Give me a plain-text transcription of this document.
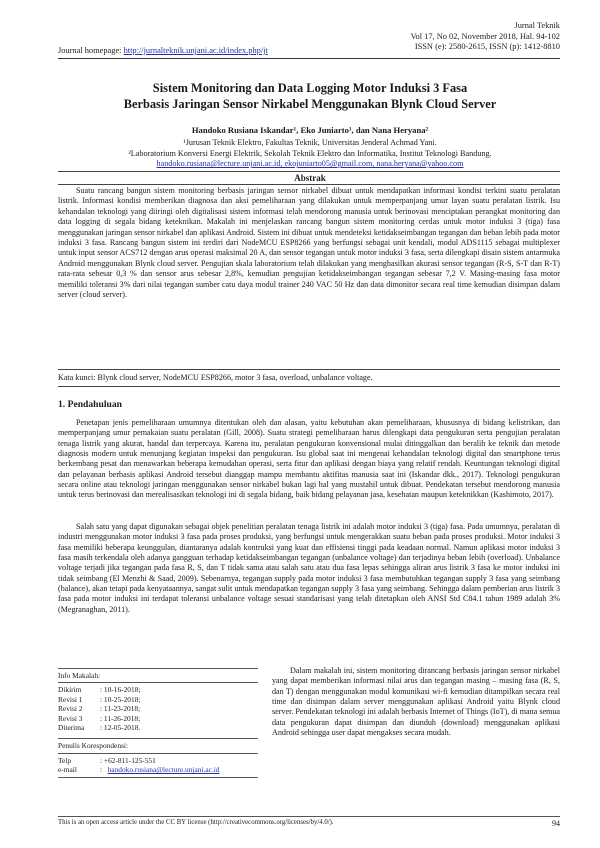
Journal homepage: http://jurnalteknik.unjani.ac.id/index.php/jt
Jurnal Teknik
Vol 17, No 02, November 2018, Hal. 94-102
ISSN (e): 2580-2615, ISSN (p): 1412-8810
Sistem Monitoring dan Data Logging Motor Induksi 3 Fasa
Berbasis Jaringan Sensor Nirkabel Menggunakan Blynk Cloud Server
Handoko Rusiana Iskandar¹, Eko Juniarto¹, dan Nana Heryana²
¹Jurusan Teknik Elektro, Fakultas Teknik, Universitas Jenderal Achmad Yani.
²Laboratorium Konversi Energi Elektrik, Sekolah Teknik Elektro dan Informatika, Institut Teknologi Bandung.
handoko.rusiana@lecture.unjani.ac.id, ekojuniarto05@gmail.com, nana.heryana@yahoo.com
Abstrak
Suatu rancang bangun sistem monitoring berbasis jaringan sensor nirkabel dibuat untuk mendapatkan informasi kondisi terkini suatu peralatan listrik. Informasi kondisi memberikan diagnosa dan aksi pemeliharaan yang dilakukan untuk memperpanjang umur layan suatu peralatan listrik. Isu kehandalan teknologi yang diiringi oleh digitalisasi sistem informasi telah mendorong manusia untuk berinovasi menciptakan perangkat monitoring dan data logging di segala bidang keteknikan. Makalah ini menjelaskan rancang bangun sistem monitoring cerdas untuk motor induksi 3 (tiga) fasa menggunakan jaringan sensor nirkabel dan aplikasi Android. Sistem ini dibuat untuk mendeteksi ketidakseimbangan tegangan dan beban lebih pada motor induksi 3 fasa. Rancang bangun sistem ini terdiri dari NodeMCU ESP8266 yang berfungsi sebagai unit kendali, modul ADS1115 sebagai multiplexer untuk input sensor ACS712 dengan arus operasi maksimal 20 A, dan sensor tegangan untuk motor induksi 3 fasa, serta dilengkapi disain sistem antarmuka Android menggunakan Blynk cloud server. Pengujian skala laboratorium telah dilakukan yang menghasilkan akurasi sensor tegangan (R-S, S-T dan R-T) rata-rata sebesar 0,3 % dan sensor arus sebesar 2,8%, kemudian pengujian ketidakseimbangan tegangan sebesar 7,2 V. Masing-masing fasa motor memiliki toleransi 3% dari nilai tegangan sumber catu daya modul trainer 240 VAC 50 Hz dan data dimonitor secara real time kemudian disimpan dalam server (cloud server).
Kata kunci: Blynk cloud server, NodeMCU ESP8266, motor 3 fasa, overload, unbalance voltage.
1. Pendahuluan

Penetapan jenis pemeliharaan umumnya ditentukan oleh dan alasan, yaitu kebutuhan akan pemeliharaan, khususnya di bidang kelistrikan, dan memperpanjang umur pemakaian suatu peralatan (Gill, 2008). Suatu strategi pemeliharaan harus dilengkapi data pengukuran serta pengujian peralatan tenaga listrik yang akurat, handal dan terpercaya. Karena itu, peralatan pengukuran konvensional mulai ditinggalkan dan beralih ke teknik dan metode diagnosis modern untuk menunjang kegiatan inspeksi dan pengukuran. Isu global saat ini mengenai kehandalan teknologi digital dan smartphone terus berkembang pesat dan menawarkan beberapa kemudahan operasi, serta fitur dan aplikasi dengan biaya yang relatif rendah. Keuntungan teknologi digital dan pelayanan berbasis aplikasi Android tersebut dianggap mampu membantu aktifitas manusia saat ini (Iskandar dkk., 2017). Teknologi pengukuran secara online atau teknologi jaringan menggunakan sensor nirkabel bukan lagi hal yang mustahil untuk dibuat. Pendekatan tersebut mendorong manusia untuk terus berinovasi dan merealisasikan teknologi ini di segala bidang, baik bidang pelayanan jasa, kesehatan maupun keteknikkan (Kashimoto, 2017).

Salah satu yang dapat digunakan sebagai objek penelitian peralatan tenaga listrik ini adalah motor induksi 3 (tiga) fasa. Pada umumnya, peralatan di industri menggunakan motor induksi 3 fasa pada proses produksi, yang berfungsi untuk mengerakkan suatu beban pada proses produksi. Motor induksi 3 fasa memiliki beberapa keunggulan, diantaranya adalah kontruksi yang kuat dan effisiensi tinggi pada keadaan normal. Namun aplikasi motor induksi 3 fasa masih terkendala oleh adanya gangguan terhadap ketidakseimbangan tegangan (unbalance voltage) dan terjadinya beban lebih (overload). Unbalance voltage terjadi jika tegangan pada fasa R, S, dan T tidak sama atau salah satu atau dua fasa lepas sehingga aliran arus listrik 3 fasa ke motor induksi ini tidak seimbang (El Menzhi & Saad, 2009). Sebenarnya, tegangan supply pada motor induksi 3 fasa membutuhkan tegangan supply 3 fasa yang seimbang (balance), akan tetapi pada kenyataannya, sangat sulit untuk mendapatkan tegangan supply 3 fasa yang seimbang. Sehingga dalam pemberian arus listrik 3 fasa pada motor induksi ini terdapat toleransi unbalance voltage sesuai standarisasi yang telah ditetapkan oleh ANSI Std C84.1 tahun 1989 adalah 3% (Megranaghan, 2011).

Info Makalah:
Dikirim	: 10-16-2018;
Revisi 1	: 10-25-2018;
Revisi 2	: 11-23-2018;
Revisi 3	: 11-26-2018;
Diterima	: 12-05-2018.
Penulis Korespondensi:
Telp	: +62-811-125-551
e-mail	: handoko.rusiana@lecture.unjani.ac.id
Dalam makalah ini, sistem monitoring dirancang berbasis jaringan sensor nirkabel yang dapat memberikan informasi nilai arus dan tegangan masing – masing fasa (R, S, dan T) dengan menggunakan modul komunikasi wi-fi kemudian ditampilkan secara real time dan disimpan dalam server menggunakan aplikasi Android yaitu Blynk cloud server. Pendekatan teknologi ini adalah berbasis Internet of Things (IoT), di mana semua data pengukuran dapat disimpan dan diunduh (download) menggunakan aplikasi Android sehingga user dapat mengakses secara mudah.
This is an open access article under the CC BY license (http://creativecommons.org/licenses/by/4.0/).	94
